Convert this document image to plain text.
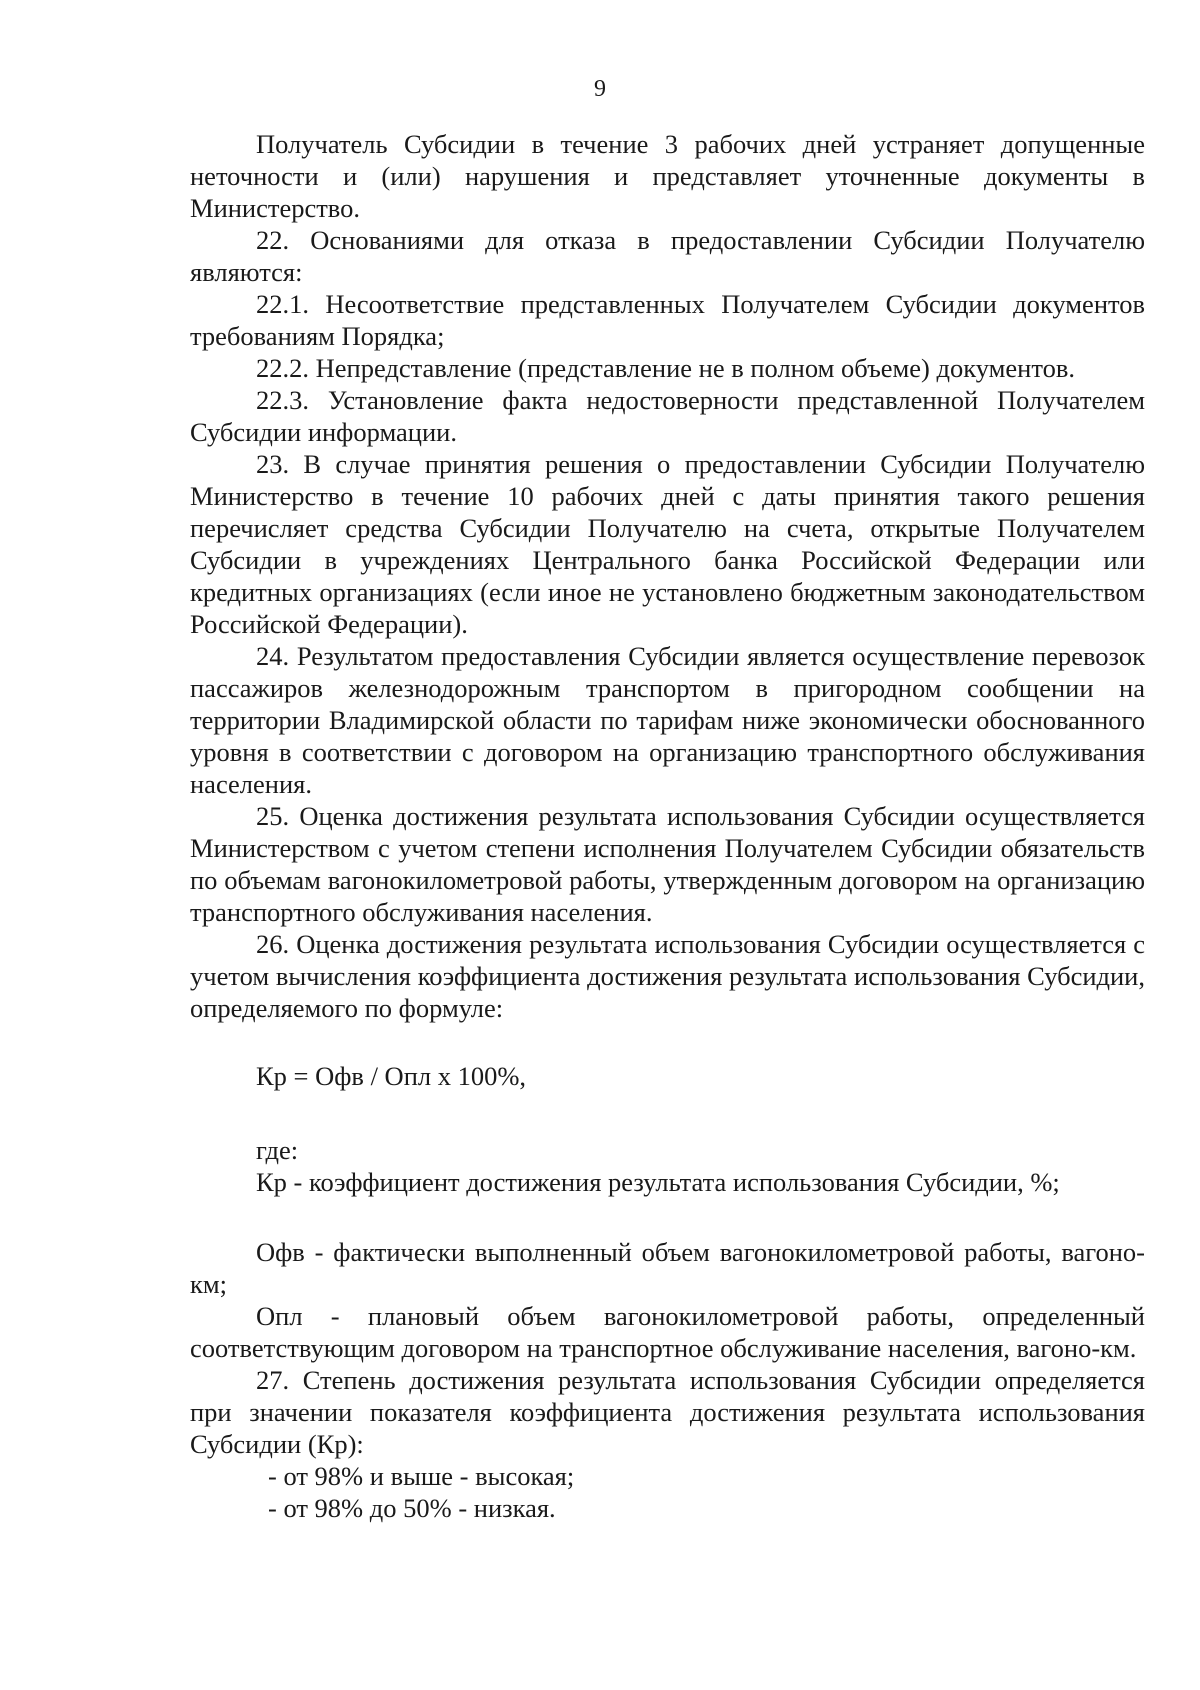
9

Получатель Субсидии в течение 3 рабочих дней устраняет допущенные неточности и (или) нарушения и представляет уточненные документы в Министерство.

22. Основаниями для отказа в предоставлении Субсидии Получателю являются:

22.1. Несоответствие представленных Получателем Субсидии документов требованиям Порядка;

22.2. Непредставление (представление не в полном объеме) документов.

22.3. Установление факта недостоверности представленной Получателем Субсидии информации.

23. В случае принятия решения о предоставлении Субсидии Получателю Министерство в течение 10 рабочих дней с даты принятия такого решения перечисляет средства Субсидии Получателю на счета, открытые Получателем Субсидии в учреждениях Центрального банка Российской Федерации или кредитных организациях (если иное не установлено бюджетным законодательством Российской Федерации).

24. Результатом предоставления Субсидии является осуществление перевозок пассажиров железнодорожным транспортом в пригородном сообщении на территории Владимирской области по тарифам ниже экономически обоснованного уровня в соответствии с договором на организацию транспортного обслуживания населения.

25. Оценка достижения результата использования Субсидии осуществляется Министерством с учетом степени исполнения Получателем Субсидии обязательств по объемам вагонокилометровой работы, утвержденным договором на организацию транспортного обслуживания населения.

26. Оценка достижения результата использования Субсидии осуществляется с учетом вычисления коэффициента достижения результата использования Субсидии, определяемого по формуле:

Кр = Офв / Опл х 100%,

где:

Кр - коэффициент достижения результата использования Субсидии, %;

Офв - фактически выполненный объем вагонокилометровой работы, вагоно-км;

Опл - плановый объем вагонокилометровой работы, определенный соответствующим договором на транспортное обслуживание населения, вагоно-км.

27. Степень достижения результата использования Субсидии определяется при значении показателя коэффициента достижения результата использования Субсидии (Кр):

- от 98% и выше - высокая;

- от 98% до 50% - низкая.
